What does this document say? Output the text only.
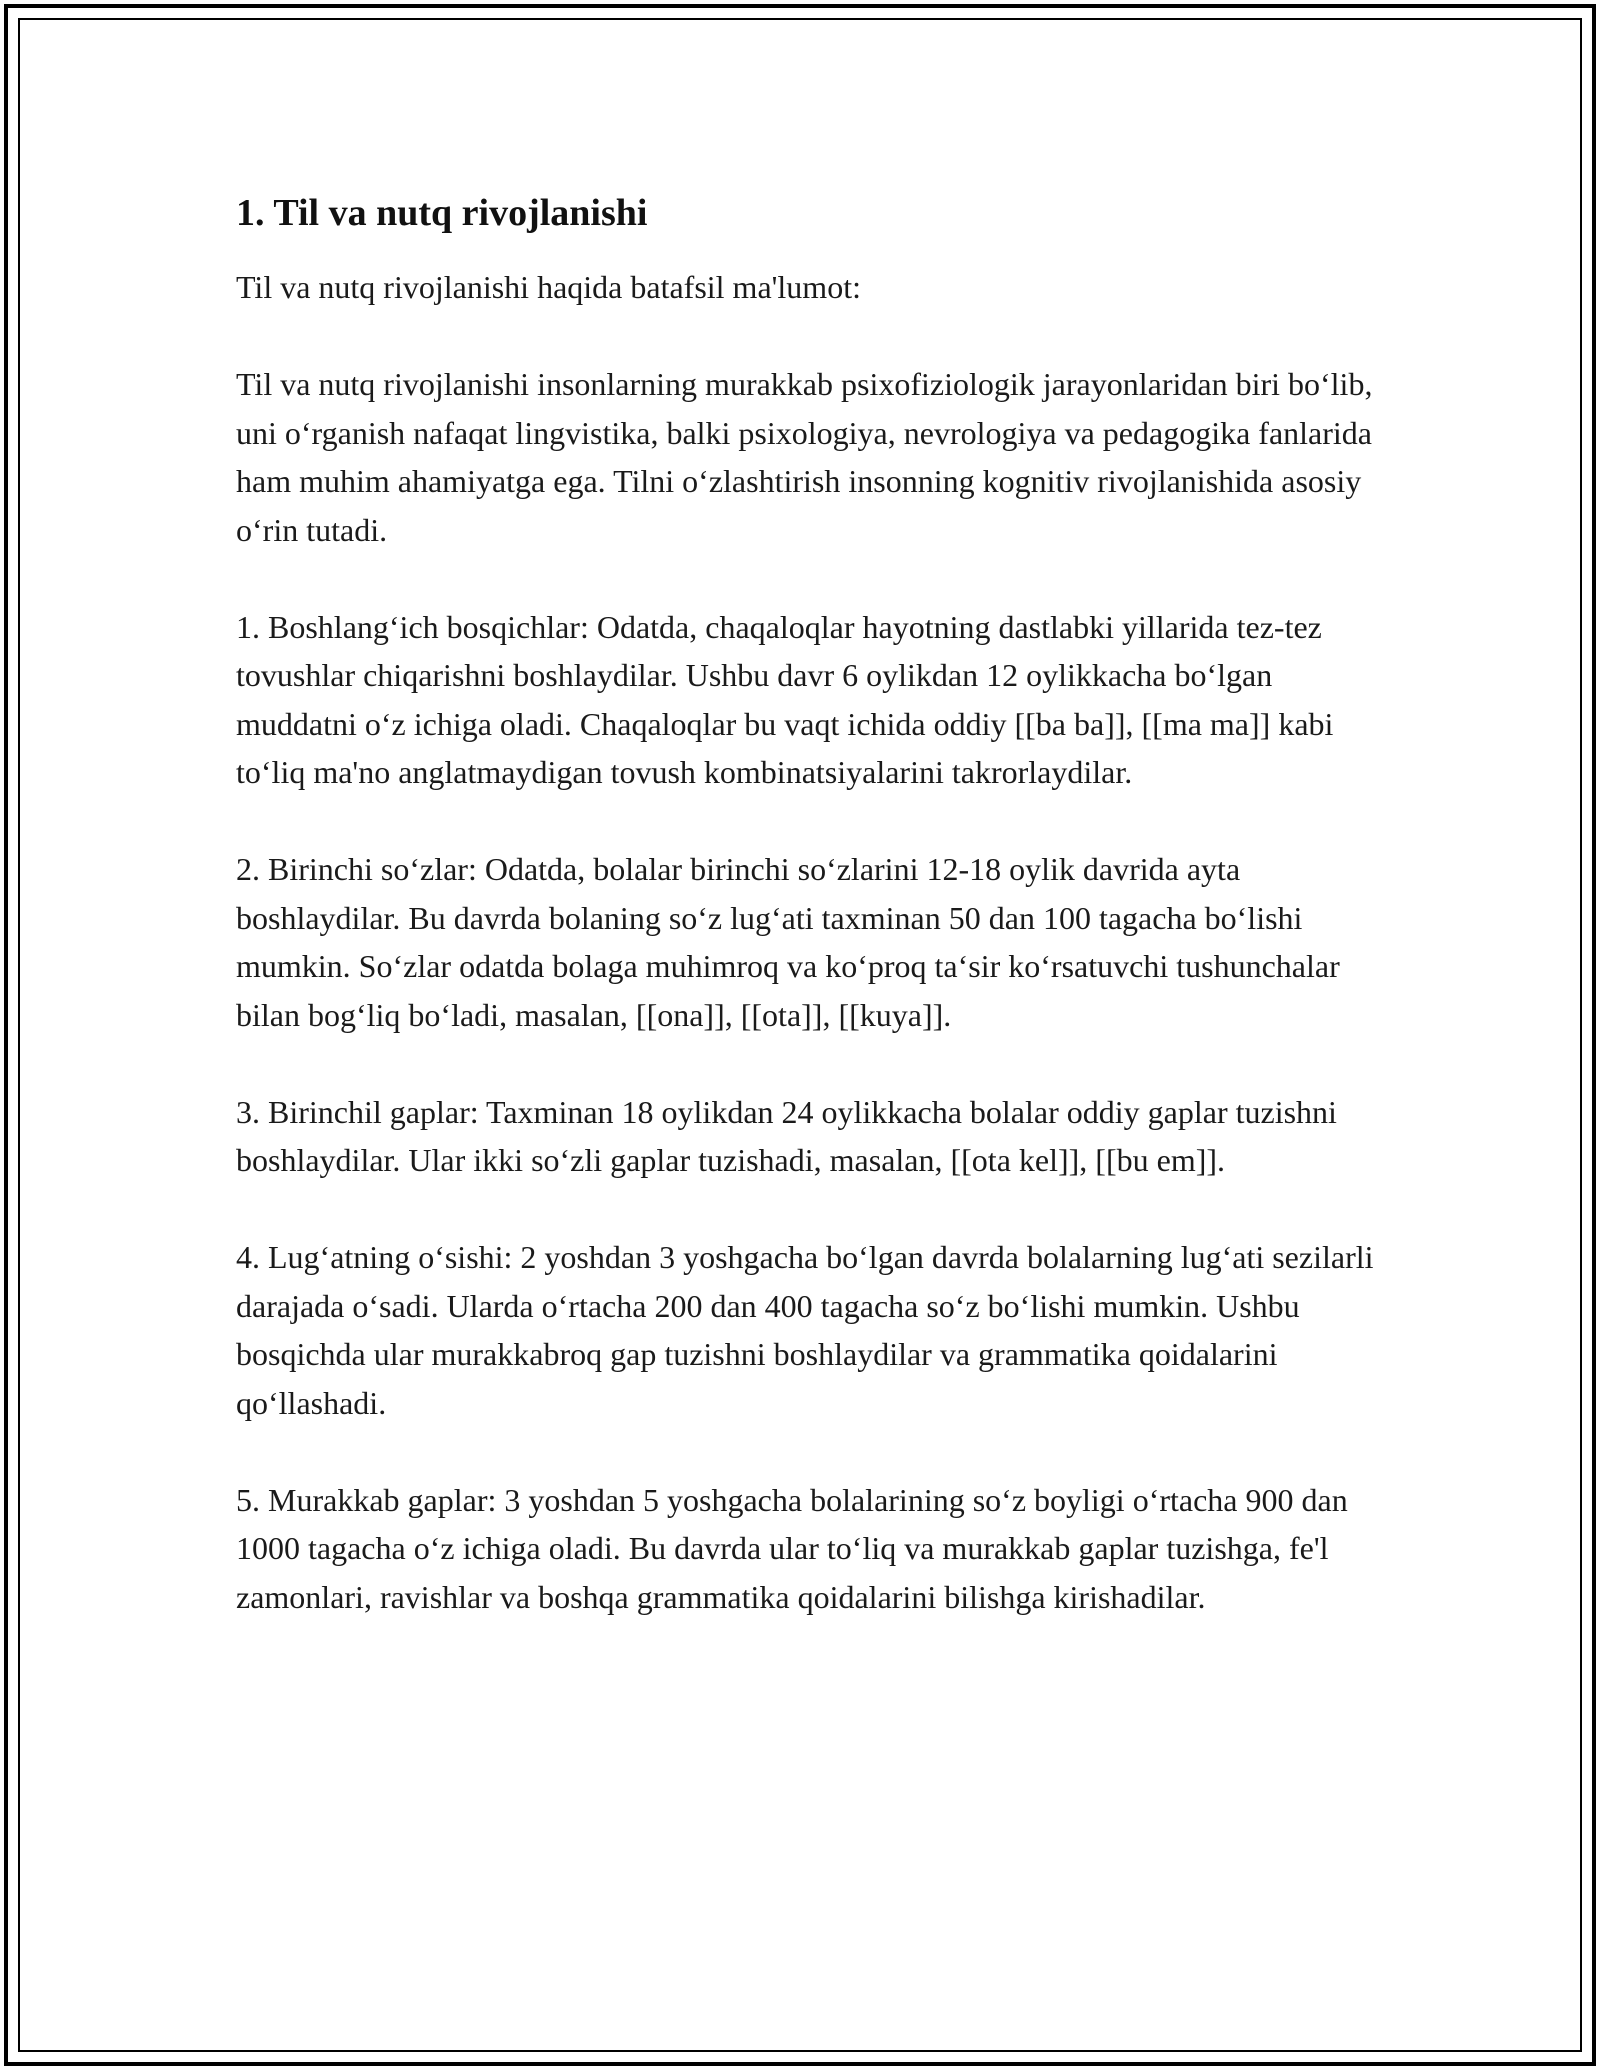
1. Til va nutq rivojlanishi

Til va nutq rivojlanishi haqida batafsil ma'lumot:

Til va nutq rivojlanishi insonlarning murakkab psixofiziologik jarayonlaridan biri bo‘lib, uni o‘rganish nafaqat lingvistika, balki psixologiya, nevrologiya va pedagogika fanlarida ham muhim ahamiyatga ega. Tilni o‘zlashtirish insonning kognitiv rivojlanishida asosiy o‘rin tutadi.

1. Boshlang‘ich bosqichlar: Odatda, chaqaloqlar hayotning dastlabki yillarida tez-tez tovushlar chiqarishni boshlaydilar. Ushbu davr 6 oylikdan 12 oylikkacha bo‘lgan muddatni o‘z ichiga oladi. Chaqaloqlar bu vaqt ichida oddiy [[ba ba]], [[ma ma]] kabi to‘liq ma'no anglatmaydigan tovush kombinatsiyalarini takrorlaydilar.

2. Birinchi so‘zlar: Odatda, bolalar birinchi so‘zlarini 12-18 oylik davrida ayta boshlaydilar. Bu davrda bolaning so‘z lug‘ati taxminan 50 dan 100 tagacha bo‘lishi mumkin. So‘zlar odatda bolaga muhimroq va ko‘proq ta‘sir ko‘rsatuvchi tushunchalar bilan bog‘liq bo‘ladi, masalan, [[ona]], [[ota]], [[kuya]].

3. Birinchil gaplar: Taxminan 18 oylikdan 24 oylikkacha bolalar oddiy gaplar tuzishni boshlaydilar. Ular ikki so‘zli gaplar tuzishadi, masalan, [[ota kel]], [[bu em]].

4. Lug‘atning o‘sishi: 2 yoshdan 3 yoshgacha bo‘lgan davrda bolalarning lug‘ati sezilarli darajada o‘sadi. Ularda o‘rtacha 200 dan 400 tagacha so‘z bo‘lishi mumkin. Ushbu bosqichda ular murakkabroq gap tuzishni boshlaydilar va grammatika qoidalarini qo‘llashadi.

5. Murakkab gaplar: 3 yoshdan 5 yoshgacha bolalarining so‘z boyligi o‘rtacha 900 dan 1000 tagacha o‘z ichiga oladi. Bu davrda ular to‘liq va murakkab gaplar tuzishga, fe'l zamonlari, ravishlar va boshqa grammatika qoidalarini bilishga kirishadilar.
